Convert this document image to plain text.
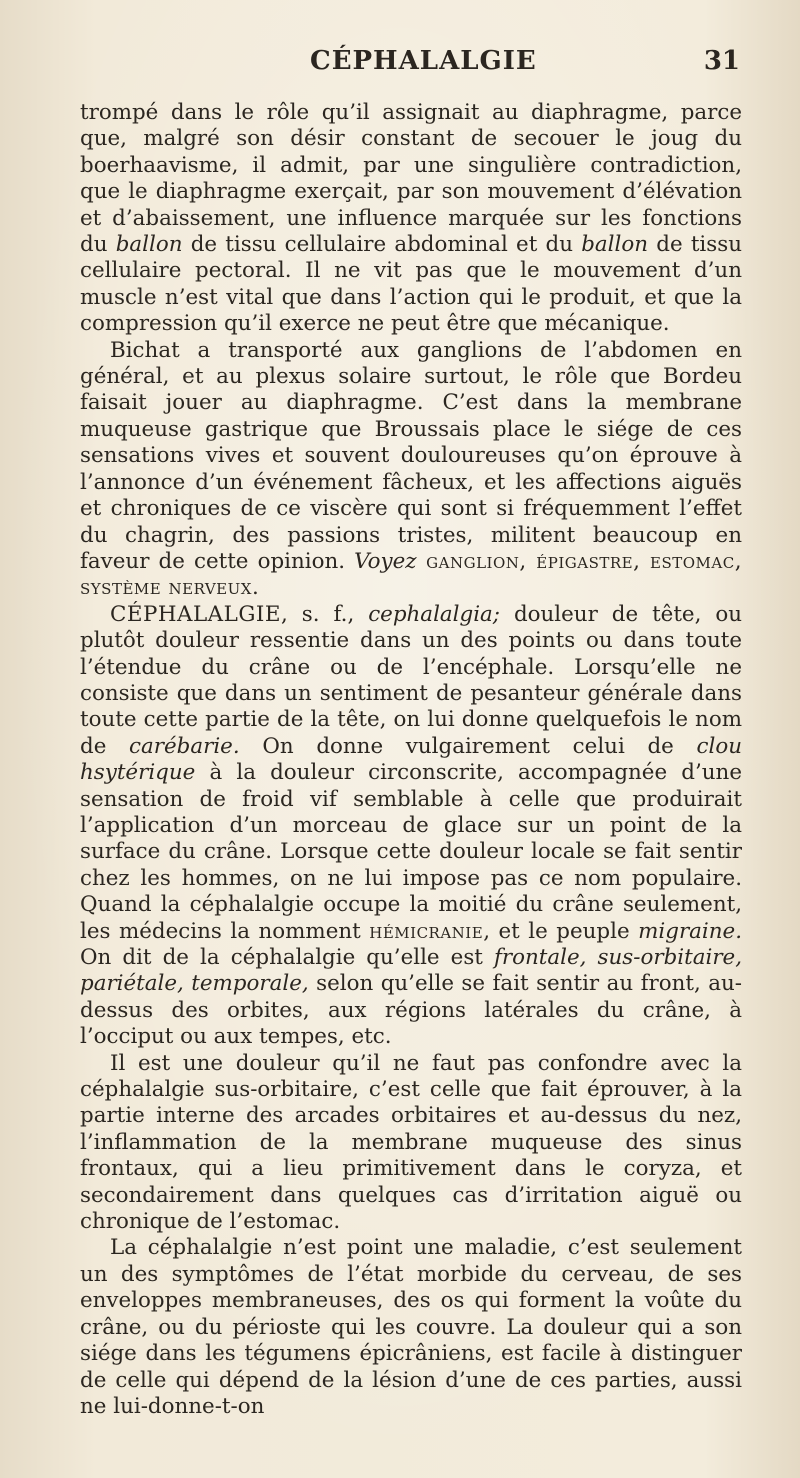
CÉPHALALGIE	31

trompé dans le rôle qu’il assignait au diaphragme, parce que, malgré son désir constant de secouer le joug du boerhaavisme, il admit, par une singulière contradiction, que le diaphragme exerçait, par son mouvement d’élévation et d’abaissement, une influence marquée sur les fonctions du ballon de tissu cellulaire abdominal et du ballon de tissu cellulaire pectoral. Il ne vit pas que le mouvement d’un muscle n’est vital que dans l’action qui le produit, et que la compression qu’il exerce ne peut être que mécanique.

Bichat a transporté aux ganglions de l’abdomen en général, et au plexus solaire surtout, le rôle que Bordeu faisait jouer au diaphragme. C’est dans la membrane muqueuse gastrique que Broussais place le siége de ces sensations vives et souvent douloureuses qu’on éprouve à l’annonce d’un événement fâcheux, et les affections aiguës et chroniques de ce viscère qui sont si fréquemment l’effet du chagrin, des passions tristes, militent beaucoup en faveur de cette opinion. Voyez ganglion, épigastre, estomac, système nerveux.

CÉPHALALGIE, s. f., cephalalgia; douleur de tête, ou plutôt douleur ressentie dans un des points ou dans toute l’étendue du crâne ou de l’encéphale. Lorsqu’elle ne consiste que dans un sentiment de pesanteur générale dans toute cette partie de la tête, on lui donne quelquefois le nom de carébarie. On donne vulgairement celui de clou hsytérique à la douleur circonscrite, accompagnée d’une sensation de froid vif semblable à celle que produirait l’application d’un morceau de glace sur un point de la surface du crâne. Lorsque cette douleur locale se fait sentir chez les hommes, on ne lui impose pas ce nom populaire. Quand la céphalalgie occupe la moitié du crâne seulement, les médecins la nomment hémicranie, et le peuple migraine. On dit de la céphalalgie qu’elle est frontale, sus-orbitaire, pariétale, temporale, selon qu’elle se fait sentir au front, au-dessus des orbites, aux régions latérales du crâne, à l’occiput ou aux tempes, etc.

Il est une douleur qu’il ne faut pas confondre avec la céphalalgie sus-orbitaire, c’est celle que fait éprouver, à la partie interne des arcades orbitaires et au-dessus du nez, l’inflammation de la membrane muqueuse des sinus frontaux, qui a lieu primitivement dans le coryza, et secondairement dans quelques cas d’irritation aiguë ou chronique de l’estomac.

La céphalalgie n’est point une maladie, c’est seulement un des symptômes de l’état morbide du cerveau, de ses enveloppes membraneuses, des os qui forment la voûte du crâne, ou du périoste qui les couvre. La douleur qui a son siége dans les tégumens épicrâniens, est facile à distinguer de celle qui dépend de la lésion d’une de ces parties, aussi ne lui-donne-t-on
